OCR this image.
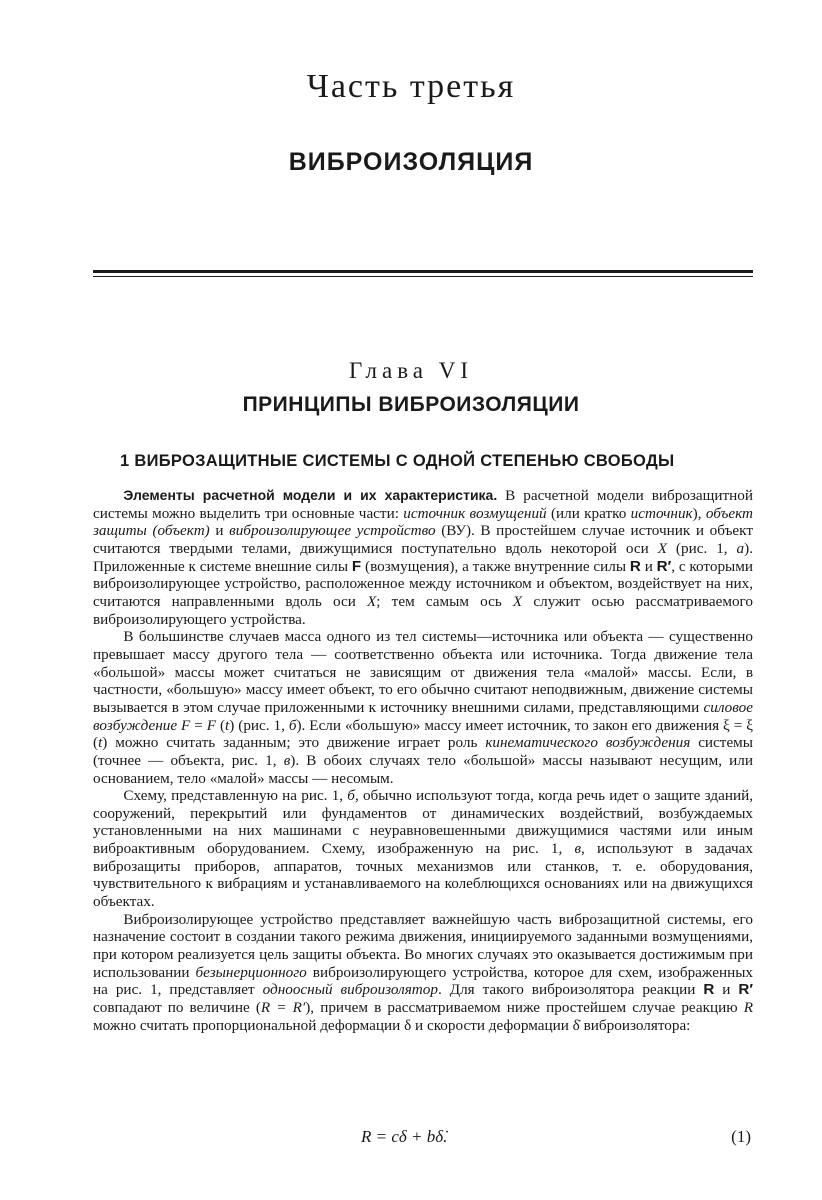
Часть третья
ВИБРОИЗОЛЯЦИЯ
Глава VI
ПРИНЦИПЫ ВИБРОИЗОЛЯЦИИ
1 ВИБРОЗАЩИТНЫЕ СИСТЕМЫ С ОДНОЙ СТЕПЕНЬЮ СВОБОДЫ

Элементы расчетной модели и их характеристика. В расчетной модели виброзащитной системы можно выделить три основные части: источник возмущений (или кратко источник), объект защиты (объект) и виброизолирующее устройство (ВУ). В простейшем случае источник и объект считаются твердыми телами, движущимися поступательно вдоль некоторой оси X (рис. 1, а). Приложенные к системе внешние силы F (возмущения), а также внутренние силы R и R′, с которыми виброизолирующее устройство, расположенное между источником и объектом, воздействует на них, считаются направленными вдоль оси X; тем самым ось X служит осью рассматриваемого виброизолирующего устройства.

В большинстве случаев масса одного из тел системы—источника или объекта — существенно превышает массу другого тела — соответственно объекта или источника. Тогда движение тела «большой» массы может считаться не зависящим от движения тела «малой» массы. Если, в частности, «большую» массу имеет объект, то его обычно считают неподвижным, движение системы вызывается в этом случае приложенными к источнику внешними силами, представляющими силовое возбуждение F = F (t) (рис. 1, б). Если «большую» массу имеет источник, то закон его движения ξ = ξ (t) можно считать заданным; это движение играет роль кинематического возбуждения системы (точнее — объекта, рис. 1, в). В обоих случаях тело «большой» массы называют несущим, или основанием, тело «малой» массы — несомым.

Схему, представленную на рис. 1, б, обычно используют тогда, когда речь идет о защите зданий, сооружений, перекрытий или фундаментов от динамических воздействий, возбуждаемых установленными на них машинами с неуравновешенными движущимися частями или иным виброактивным оборудованием. Схему, изображенную на рис. 1, в, используют в задачах виброзащиты приборов, аппаратов, точных механизмов или станков, т. е. оборудования, чувствительного к вибрациям и устанавливаемого на колеблющихся основаниях или на движущихся объектах.

Виброизолирующее устройство представляет важнейшую часть виброзащитной системы, его назначение состоит в создании такого режима движения, инициируемого заданными возмущениями, при котором реализуется цель защиты объекта. Во многих случаях это оказывается достижимым при использовании безынерционного виброизолирующего устройства, которое для схем, изображенных на рис. 1, представляет одноосный виброизолятор. Для такого виброизолятора реакции R и R′ совпадают по величине (R = R′), причем в рассматриваемом ниже простейшем случае реакцию R можно считать пропорциональной деформации δ и скорости деформации δ̇ виброизолятора:

R = cδ + bδ̇.	(1)
